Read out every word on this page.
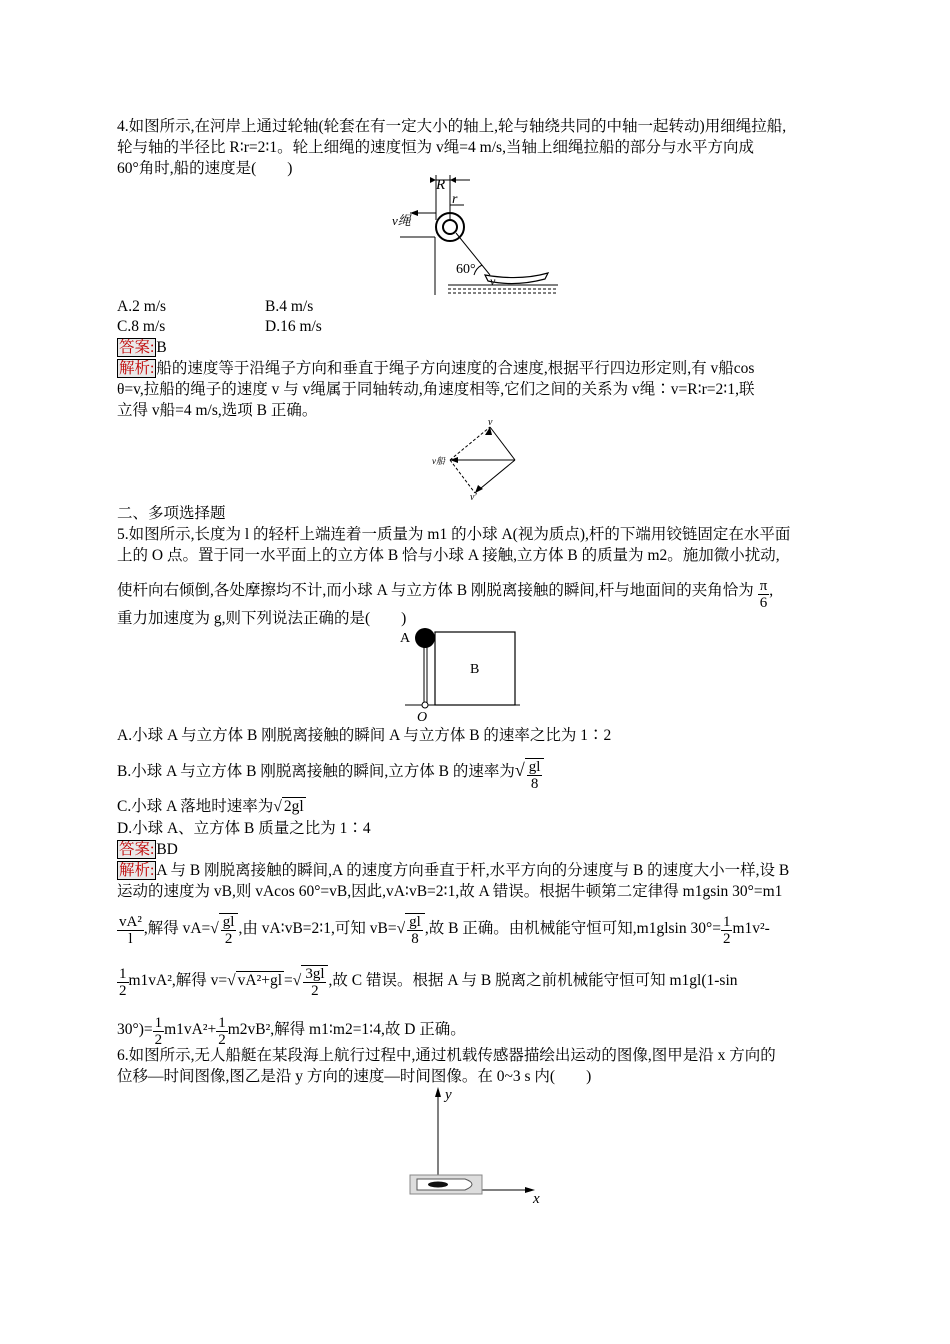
4.如图所示,在河岸上通过轮轴(轮套在有一定大小的轴上,轮与轴绕共同的中轴一起转动)用细绳拉船,
轮与轴的半径比 R∶r=2∶1。轮上细绳的速度恒为 v绳=4 m/s,当轴上细绳拉船的部分与水平方向成
60°角时,船的速度是(　　)
R
r
v绳
60°
v
A.2 m/s	B.4 m/s
C.8 m/s	D.16 m/s
答案: B
解析: 船的速度等于沿绳子方向和垂直于绳子方向速度的合速度,根据平行四边形定则,有 v船cos
θ=v,拉船的绳子的速度 v 与 v绳属于同轴转动,角速度相等,它们之间的关系为 v绳∶v=R∶r=2∶1,联
立得 v船=4 m/s,选项 B 正确。
v
v船
v′
二、多项选择题
5.如图所示,长度为 l 的轻杆上端连着一质量为 m1 的小球 A(视为质点),杆的下端用铰链固定在水平面
上的 O 点。置于同一水平面上的立方体 B 恰与小球 A 接触,立方体 B 的质量为 m2。施加微小扰动,
使杆向右倾倒,各处摩擦均不计,而小球 A 与立方体 B 刚脱离接触的瞬间,杆与地面间的夹角恰为 $\frac{\pi}{6}$ ,
重力加速度为 g,则下列说法正确的是(　　)
A
B
O
A.小球 A 与立方体 B 刚脱离接触的瞬间 A 与立方体 B 的速率之比为 1∶2
B.小球 A 与立方体 B 刚脱离接触的瞬间,立方体 B 的速率为√ $\frac{gl}{8}$
C.小球 A 落地时速率为√ 2gl
D.小球 A、立方体 B 质量之比为 1∶4
答案: BD
解析: A 与 B 刚脱离接触的瞬间,A 的速度方向垂直于杆,水平方向的分速度与 B 的速度大小一样,设 B
运动的速度为 vB,则 vAcos 60°=vB,因此,vA∶vB=2∶1,故 A 错误。根据牛顿第二定律得 m1gsin 30°=m1
$\frac{\text{vA²}}{l}$ ,解得 $vA=√ \frac{gl}{2}$ ,由 vA∶vB=2∶1,可知 $vB=√ \frac{gl}{8}$ ,故 B 正确。由机械能守恒可知,m1glsin $30^\circ= \frac{1}{2} m1v^2-$
$\frac{1}{2} m1vA^2$,解得 v=√ vA²+gl =√ $\frac{3gl}{2}$ ,故 C 错误。根据 A 与 B 脱离之前机械能守恒可知 m1gl(1-sin
$30^\circ)= \frac{1}{2} m1vA^2+ \frac{1}{2} m2vB^2$,解得 m1∶m2=1∶4,故 D 正确。
6.如图所示,无人船艇在某段海上航行过程中,通过机载传感器描绘出运动的图像,图甲是沿 x 方向的
位移—时间图像,图乙是沿 y 方向的速度—时间图像。在 0~3 s 内(　　)
y
x
